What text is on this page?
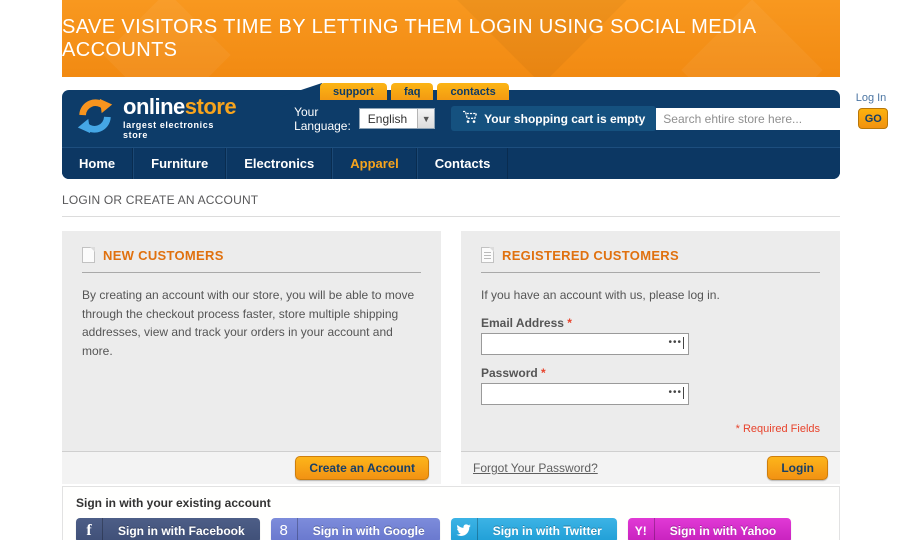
SAVE VISITORS TIME BY LETTING THEM LOGIN USING SOCIAL MEDIA ACCOUNTS
support	faq	contacts
onlinestore
largest electronics store
Your Language:	English	▼	Your shopping cart is empty
Log In
Search ehtire store here...
GO
Home	Furniture	Electronics	Apparel	Contacts
LOGIN OR CREATE AN ACCOUNT
NEW CUSTOMERS
By creating an account with our store, you will be able to move through the checkout process faster, store multiple shipping addresses, view and track your orders in your account and more.
Create an Account
REGISTERED CUSTOMERS
If you have an account with us, please log in.
Email Address *
•••
Password *
•••
* Required Fields
Forgot Your Password?	Login
Sign in with your existing account
f	Sign in with Facebook	8	Sign in with Google	Sign in with Twitter	Y!	Sign in with Yahoo
